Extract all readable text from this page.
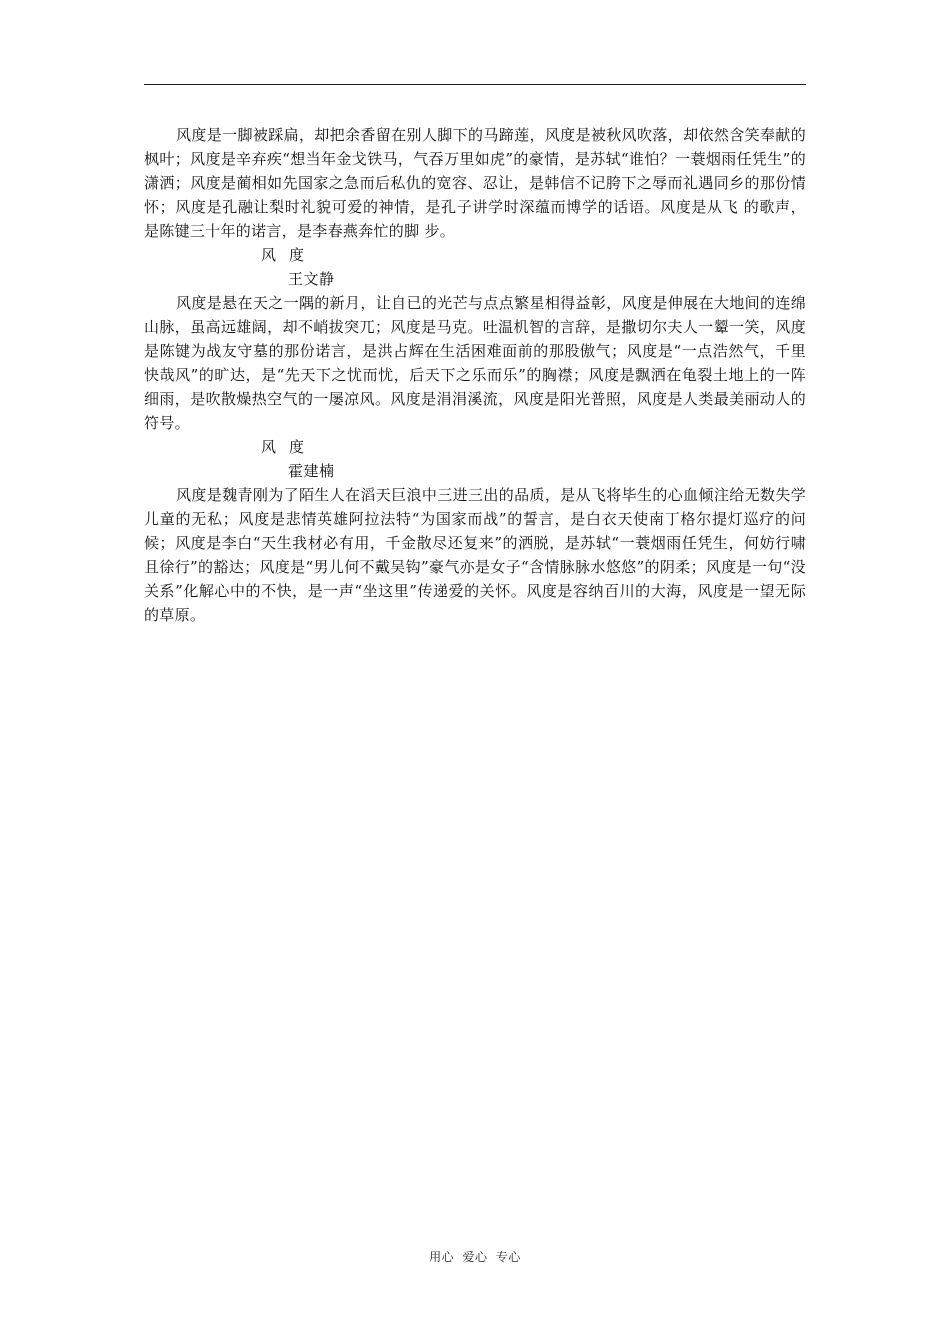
风度是一脚被踩扁，却把余香留在别人脚下的马蹄莲，风度是被秋风吹落，却依然含笑奉献的枫叶；风度是辛弃疾“想当年金戈铁马，气吞万里如虎”的豪情，是苏轼“谁怕？一蓑烟雨任凭生”的潇洒；风度是蔺相如先国家之急而后私仇的宽容、忍让，是韩信不记胯下之辱而礼遇同乡的那份情怀；风度是孔融让梨时礼貌可爱的神情，是孔子讲学时深蕴而博学的话语。风度是从飞 的歌声，是陈键三十年的诺言，是李春燕奔忙的脚 步。

风度

王文静

风度是悬在天之一隅的新月，让自已的光芒与点点繁星相得益彰，风度是伸展在大地间的连绵山脉，虽高远雄阔，却不峭拔突兀；风度是马克。吐温机智的言辞，是撒切尔夫人一颦一笑，风度是陈键为战友守墓的那份诺言，是洪占辉在生活困难面前的那股傲气；风度是“一点浩然气，千里快哉风”的旷达，是“先天下之忧而忧，后天下之乐而乐”的胸襟；风度是飘洒在龟裂土地上的一阵细雨，是吹散燥热空气的一屡凉风。风度是涓涓溪流，风度是阳光普照，风度是人类最美丽动人的符号。

风度

霍建楠

风度是魏青刚为了陌生人在滔天巨浪中三进三出的品质，是从飞将毕生的心血倾注给无数失学儿童的无私；风度是悲情英雄阿拉法特“为国家而战”的誓言，是白衣天使南丁格尔提灯巡疗的问候；风度是李白“天生我材必有用，千金散尽还复来”的洒脱，是苏轼“一蓑烟雨任凭生，何妨行啸且徐行”的豁达；风度是“男儿何不戴吴钩”豪气亦是女子“含情脉脉水悠悠”的阴柔；风度是一句“没关系”化解心中的不快，是一声“坐这里”传递爱的关怀。风度是容纳百川的大海，风度是一望无际的草原。

用心 爱心 专心
